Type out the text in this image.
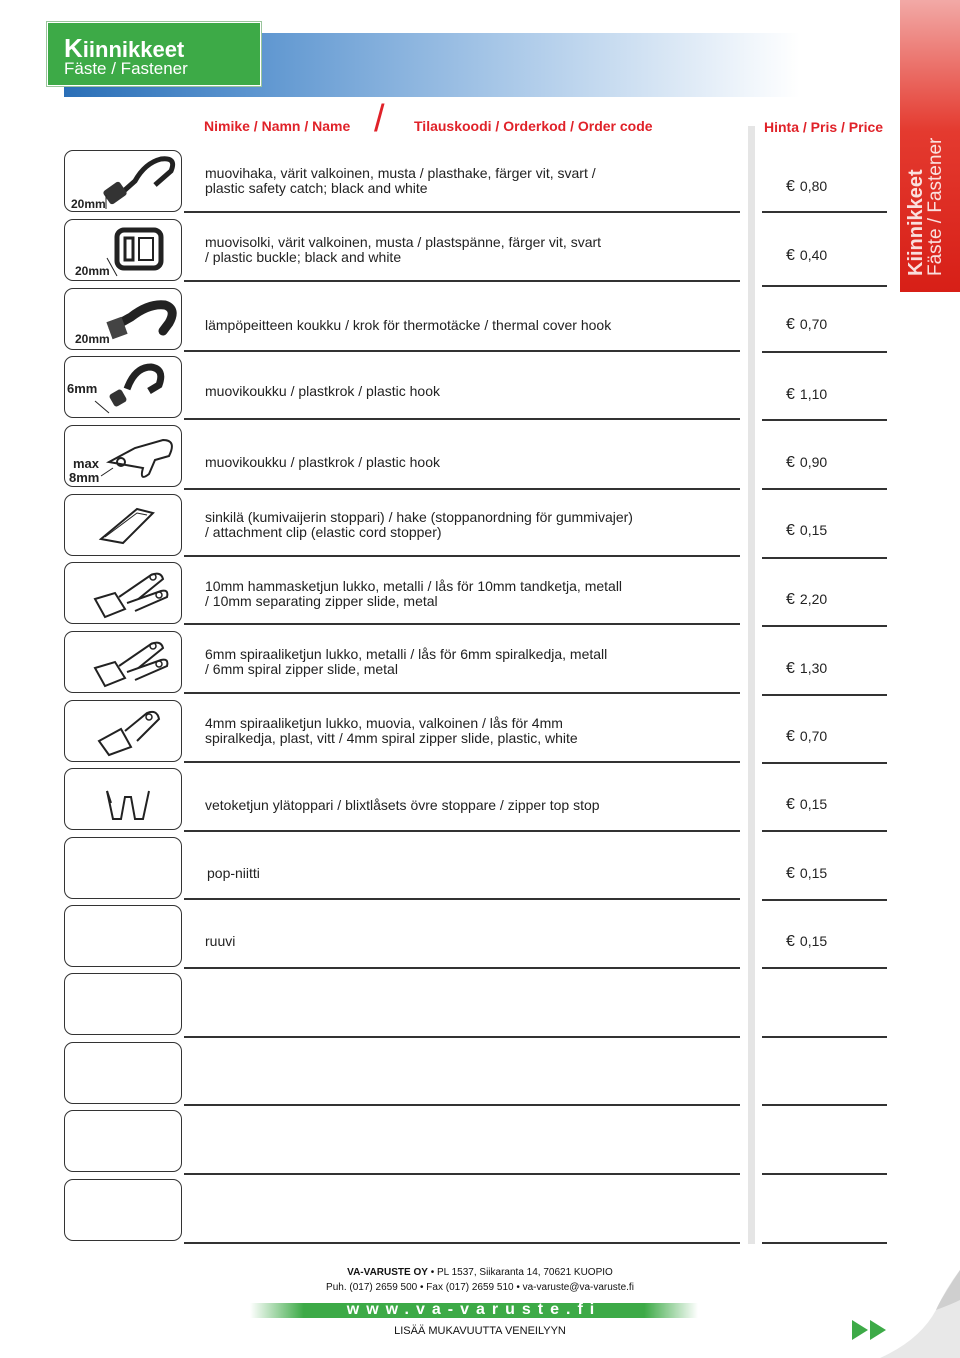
Kiinnikkeet
Fäste / Fastener
Kiinnikkeet
Fäste / Fastener
Nimike / Namn / Name / Tilauskoodi / Orderkod / Order code	Hinta / Pris / Price
20mm
muovihaka, värit valkoinen, musta / plasthake, färger vit, svart /
plastic safety catch; black and white	€ 0,80
20mm
muovisolki, värit valkoinen, musta / plastspänne, färger vit, svart
/ plastic buckle; black and white	€ 0,40
20mm
lämpöpeitteen koukku / krok för thermotäcke / thermal cover hook	€ 0,70
6mm	muovikoukku / plastkrok / plastic hook	€ 1,10
max
8mm
muovikoukku / plastkrok / plastic hook	€ 0,90
sinkilä (kumivaijerin stoppari) / hake (stoppanordning för gummivajer)
/ attachment clip (elastic cord stopper)	€ 0,15
10mm hammasketjun lukko, metalli / lås för 10mm tandketja, metall
/ 10mm separating zipper slide, metal	€ 2,20
6mm spiraaliketjun lukko, metalli / lås för 6mm spiralkedja, metall
/ 6mm spiral zipper slide, metal	€ 1,30
4mm spiraaliketjun lukko, muovia, valkoinen / lås för 4mm
spiralkedja, plast, vitt / 4mm spiral zipper slide, plastic, white	€ 0,70
vetoketjun ylätoppari / blixtlåsets övre stoppare / zipper top stop	€ 0,15
pop-niitti	€ 0,15
ruuvi	€ 0,15
VA-VARUSTE OY • PL 1537, Siikaranta 14, 70621 KUOPIO
Puh. (017) 2659 500 • Fax (017) 2659 510 • va-varuste@va-varuste.fi
www.va-varuste.fi
LISÄÄ MUKAVUUTTA VENEILYYN
